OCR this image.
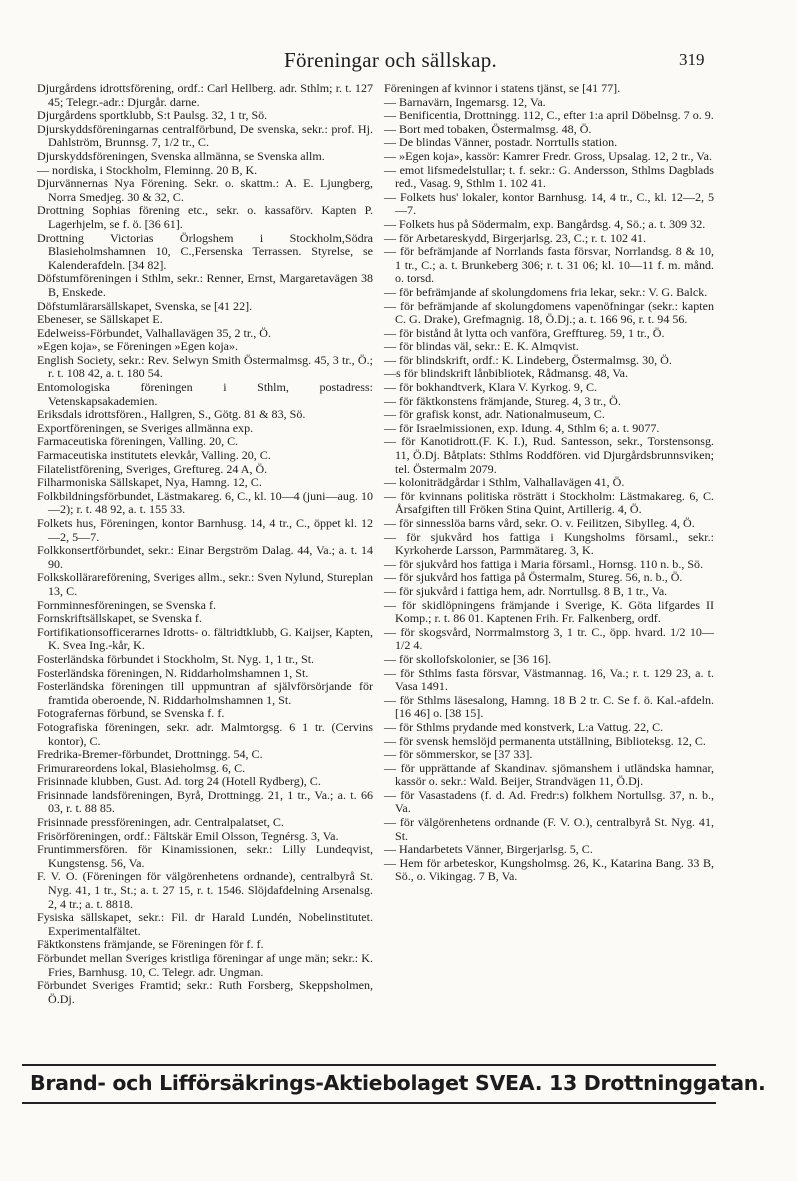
Föreningar och sällskap.	319

Djurgårdens idrottsförening, ordf.: Carl Hellberg. adr. Sthlm; r. t. 127 45; Telegr.-adr.: Djurgår. darne.

Djurgårdens sportklubb, S:t Paulsg. 32, 1 tr, Sö.

Djurskyddsföreningarnas centralförbund, De svenska, sekr.: prof. Hj. Dahlström, Brunnsg. 7, 1/2 tr., C.

Djurskyddsföreningen, Svenska allmänna, se Svenska allm.

— nordiska, i Stockholm, Fleminng. 20 B, K.

Djurvännernas Nya Förening. Sekr. o. skattm.: A. E. Ljungberg, Norra Smedjeg. 30 & 32, C.

Drottning Sophias förening etc., sekr. o. kassaförv. Kapten P. Lagerhjelm, se f. ö. [36 61].

Drottning Victorias Örlogshem i Stockholm,Södra Blasieholmshamnen 10, C.,Fersenska Terrassen. Styrelse, se Kalenderafdeln. [34 82].

Döfstumföreningen i Sthlm, sekr.: Renner, Ernst, Margaretavägen 38 B, Enskede.

Döfstumlärarsällskapet, Svenska, se [41 22].

Ebeneser, se Sällskapet E.

Edelweiss-Förbundet, Valhallavägen 35, 2 tr., Ö.

»Egen koja», se Föreningen »Egen koja».

English Society, sekr.: Rev. Selwyn Smith Östermalmsg. 45, 3 tr., Ö.; r. t. 108 42, a. t. 180 54.

Entomologiska föreningen i Sthlm, postadress: Vetenskapsakademien.

Eriksdals idrottsfören., Hallgren, S., Götg. 81 & 83, Sö.

Exportföreningen, se Sveriges allmänna exp.

Farmaceutiska föreningen, Valling. 20, C.

Farmaceutiska institutets elevkår, Valling. 20, C.

Filatelistförening, Sveriges, Greftureg. 24 A, Ö.

Filharmoniska Sällskapet, Nya, Hamng. 12, C.

Folkbildningsförbundet, Lästmakareg. 6, C., kl. 10—4 (juni—aug. 10—2); r. t. 48 92, a. t. 155 33.

Folkets hus, Föreningen, kontor Barnhusg. 14, 4 tr., C., öppet kl. 12—2, 5—7.

Folkkonsertförbundet, sekr.: Einar Bergström Dalag. 44, Va.; a. t. 14 90.

Folkskollärareförening, Sveriges allm., sekr.: Sven Nylund, Stureplan 13, C.

Fornminnesföreningen, se Svenska f.

Fornskriftsällskapet, se Svenska f.

Fortifikationsofficerarnes Idrotts- o. fältridtklubb, G. Kaijser, Kapten, K. Svea Ing.-kår, K.

Fosterländska förbundet i Stockholm, St. Nyg. 1, 1 tr., St.

Fosterländska föreningen, N. Riddarholmshamnen 1, St.

Fosterländska föreningen till uppmuntran af självförsörjande för framtida oberoende, N. Riddarholmshamnen 1, St.

Fotografernas förbund, se Svenska f. f.

Fotografiska föreningen, sekr. adr. Malmtorgsg. 6 1 tr. (Cervins kontor), C.

Fredrika-Bremer-förbundet, Drottningg. 54, C.

Frimurareordens lokal, Blasieholmsg. 6, C.

Frisinnade klubben, Gust. Ad. torg 24 (Hotell Rydberg), C.

Frisinnade landsföreningen, Byrå, Drottningg. 21, 1 tr., Va.; a. t. 66 03, r. t. 88 85.

Frisinnade pressföreningen, adr. Centralpalatset, C.

Frisörföreningen, ordf.: Fältskär Emil Olsson, Tegnérsg. 3, Va.

Fruntimmersfören. för Kinamissionen, sekr.: Lilly Lundeqvist, Kungstensg. 56, Va.

F. V. O. (Föreningen för välgörenhetens ordnande), centralbyrå St. Nyg. 41, 1 tr., St.; a. t. 27 15, r. t. 1546. Slöjdafdelning Arsenalsg. 2, 4 tr.; a. t. 8818.

Fysiska sällskapet, sekr.: Fil. dr Harald Lundén, Nobelinstitutet. Experimentalfältet.

Fäktkonstens främjande, se Föreningen för f. f.

Förbundet mellan Sveriges kristliga föreningar af unge män; sekr.: K. Fries, Barnhusg. 10, C. Telegr. adr. Ungman.

Förbundet Sveriges Framtid; sekr.: Ruth Forsberg, Skeppsholmen, Ö.Dj.

Föreningen af kvinnor i statens tjänst, se [41 77].

— Barnavärn, Ingemarsg. 12, Va.

— Benificentia, Drottningg. 112, C., efter 1:a april Döbelnsg. 7 o. 9.

— Bort med tobaken, Östermalmsg. 48, Ö.

— De blindas Vänner, postadr. Norrtulls station.

— »Egen koja», kassör: Kamrer Fredr. Gross, Upsalag. 12, 2 tr., Va.

— emot lifsmedelstullar; t. f. sekr.: G. Andersson, Sthlms Dagblads red., Vasag. 9, Sthlm 1. 102 41.

— Folkets hus' lokaler, kontor Barnhusg. 14, 4 tr., C., kl. 12—2, 5—7.

— Folkets hus på Södermalm, exp. Bangårdsg. 4, Sö.; a. t. 309 32.

— för Arbetareskydd, Birgerjarlsg. 23, C.; r. t. 102 41.

— för befrämjande af Norrlands fasta försvar, Norrlandsg. 8 & 10, 1 tr., C.; a. t. Brunkeberg 306; r. t. 31 06; kl. 10—11 f. m. månd. o. torsd.

— för befrämjande af skolungdomens fria lekar, sekr.: V. G. Balck.

— för befrämjande af skolungdomens vapenöfningar (sekr.: kapten C. G. Drake), Grefmagnig. 18, Ö.Dj.; a. t. 166 96, r. t. 94 56.

— för bistånd åt lytta och vanföra, Grefftureg. 59, 1 tr., Ö.

— för blindas väl, sekr.: E. K. Almqvist.

— för blindskrift, ordf.: K. Lindeberg, Östermalmsg. 30, Ö.

—s för blindskrift lånbibliotek, Rådmansg. 48, Va.

— för bokhandtverk, Klara V. Kyrkog. 9, C.

— för fäktkonstens främjande, Stureg. 4, 3 tr., Ö.

— för grafisk konst, adr. Nationalmuseum, C.

— för Israelmissionen, exp. Idung. 4, Sthlm 6; a. t. 9077.

— för Kanotidrott.(F. K. I.), Rud. Santesson, sekr., Torstensonsg. 11, Ö.Dj. Båtplats: Sthlms Roddfören. vid Djurgårdsbrunnsviken; tel. Östermalm 2079.

— koloniträdgårdar i Sthlm, Valhallavägen 41, Ö.

— för kvinnans politiska rösträtt i Stockholm: Lästmakareg. 6, C. Årsafgiften till Fröken Stina Quint, Artillerig. 4, Ö.

— för sinnesslöa barns vård, sekr. O. v. Feilitzen, Sibylleg. 4, Ö.

— för sjukvård hos fattiga i Kungsholms församl., sekr.: Kyrkoherde Larsson, Parmmätareg. 3, K.

— för sjukvård hos fattiga i Maria församl., Hornsg. 110 n. b., Sö.

— för sjukvård hos fattiga på Östermalm, Stureg. 56, n. b., Ö.

— för sjukvård i fattiga hem, adr. Norrtullsg. 8 B, 1 tr., Va.

— för skidlöpningens främjande i Sverige, K. Göta lifgardes II Komp.; r. t. 86 01. Kaptenen Frih. Fr. Falkenberg, ordf.

— för skogsvård, Norrmalmstorg 3, 1 tr. C., öpp. hvard. 1/2 10—1/2 4.

— för skollofskolonier, se [36 16].

— för Sthlms fasta försvar, Västmannag. 16, Va.; r. t. 129 23, a. t. Vasa 1491.

— för Sthlms läsesalong, Hamng. 18 B 2 tr. C. Se f. ö. Kal.-afdeln. [16 46] o. [38 15].

— för Sthlms prydande med konstverk, L:a Vattug. 22, C.

— för svensk hemslöjd permanenta utställning, Biblioteksg. 12, C.

— för sömmerskor, se [37 33].

— för upprättande af Skandinav. sjömanshem i utländska hamnar, kassör o. sekr.: Wald. Beijer, Strandvägen 11, Ö.Dj.

— för Vasastadens (f. d. Ad. Fredr:s) folkhem Nortullsg. 37, n. b., Va.

— för välgörenhetens ordnande (F. V. O.), centralbyrå St. Nyg. 41, St.

— Handarbetets Vänner, Birgerjarlsg. 5, C.

— Hem för arbeteskor, Kungsholmsg. 26, K., Katarina Bang. 33 B, Sö., o. Vikingag. 7 B, Va.

Brand- och Lifförsäkrings-Aktiebolaget SVEA. 13 Drottninggatan.
